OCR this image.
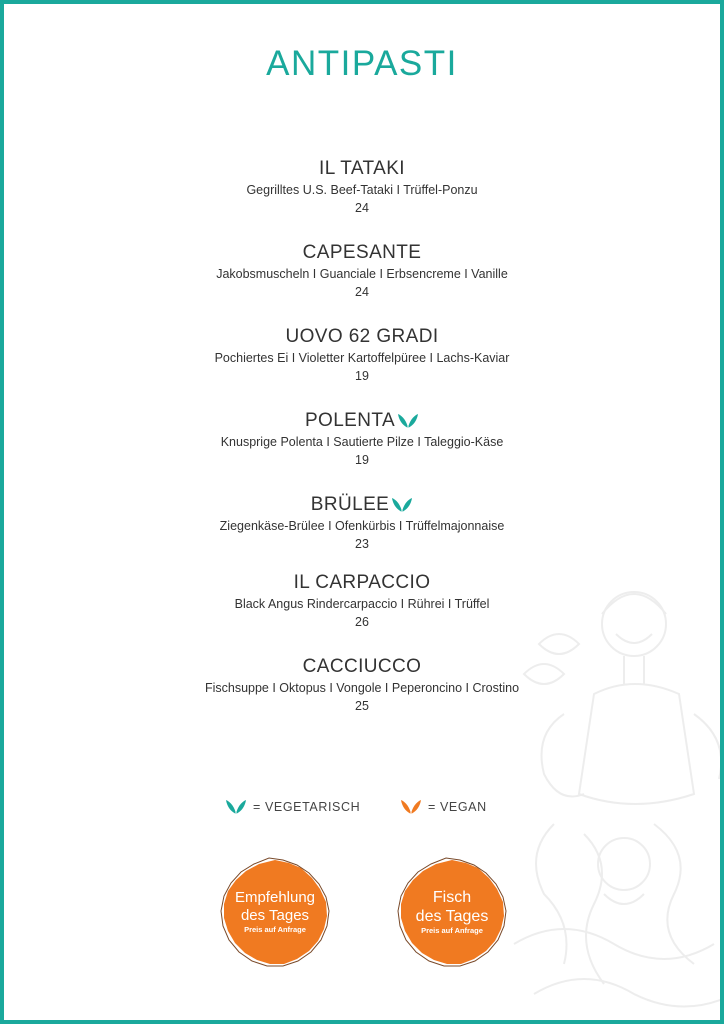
ANTIPASTI
IL TATAKI
Gegrilltes U.S. Beef-Tataki I Trüffel-Ponzu
24
CAPESANTE
Jakobsmuscheln I Guanciale I Erbsencreme I Vanille
24
UOVO 62 GRADI
Pochiertes Ei I Violetter Kartoffelpüree I Lachs-Kaviar
19
POLENTA
Knusprige Polenta I Sautierte Pilze I Taleggio-Käse
19
BRÜLEE
Ziegenkäse-Brülee I Ofenkürbis I Trüffelmajonnaise
23
IL CARPACCIO
Black Angus Rindercarpaccio I Rührei I Trüffel
26
CACCIUCCO
Fischsuppe I Oktopus I Vongole I Peperoncino I Crostino
25
= VEGETARISCH	= VEGAN
Empfehlung
des Tages
Preis auf Anfrage
Fisch
des Tages
Preis auf Anfrage
